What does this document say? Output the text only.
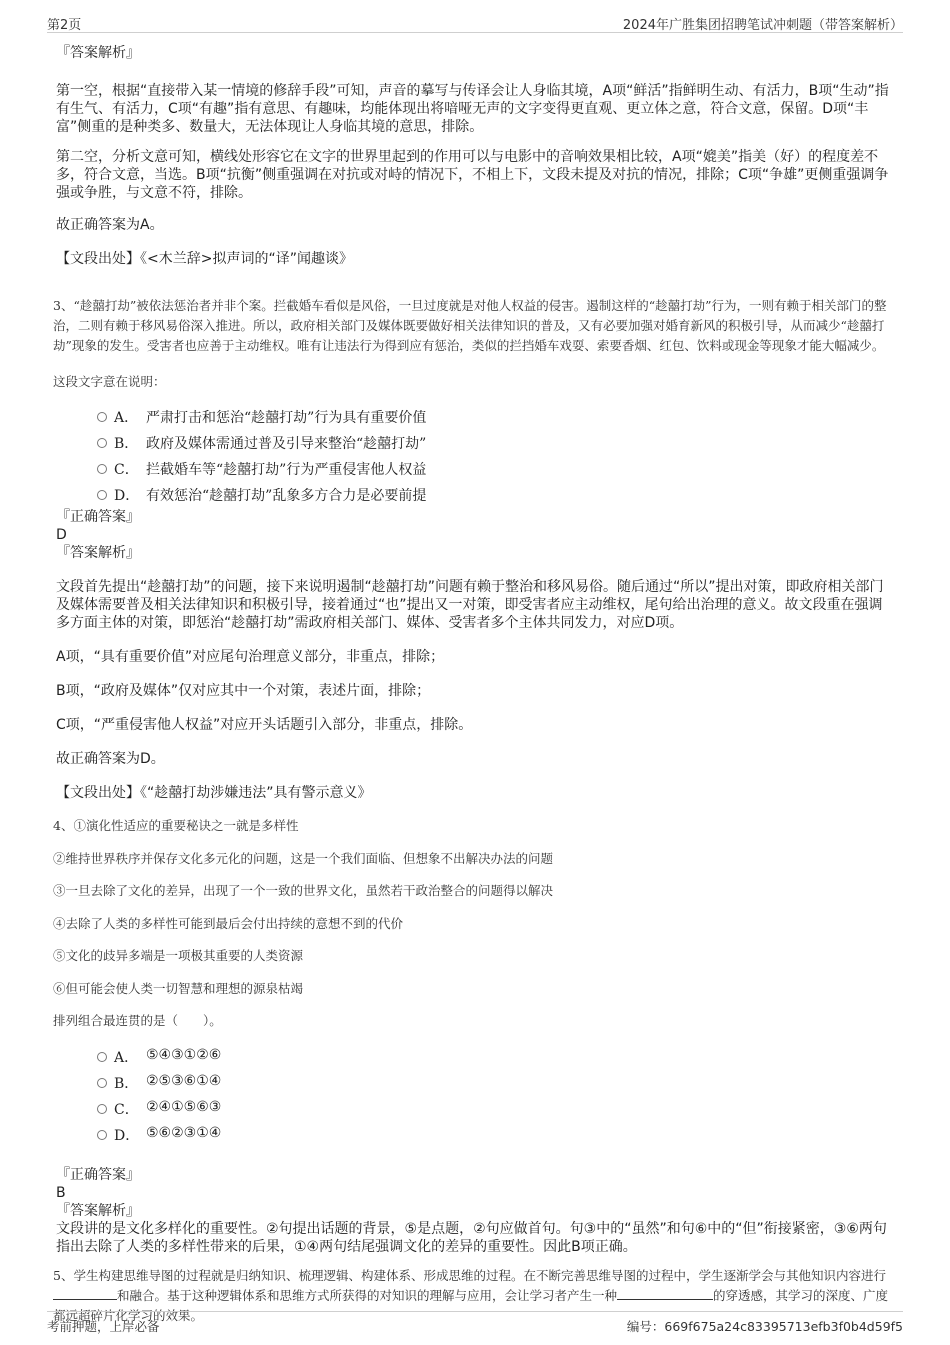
第2页	2024年广胜集团招聘笔试冲刺题（带答案解析）

『答案解析』

第一空，根据“直接带入某一情境的修辞手段”可知，声音的摹写与传译会让人身临其境，A项“鲜活”指鲜明生动、有活力，B项“生动”指有生气、有活力，C项“有趣”指有意思、有趣味，均能体现出将喑哑无声的文字变得更直观、更立体之意，符合文意，保留。D项“丰富”侧重的是种类多、数量大，无法体现让人身临其境的意思，排除。

第二空，分析文意可知，横线处形容它在文字的世界里起到的作用可以与电影中的音响效果相比较，A项“媲美”指美（好）的程度差不多，符合文意，当选。B项“抗衡”侧重强调在对抗或对峙的情况下，不相上下，文段未提及对抗的情况，排除；C项“争雄”更侧重强调争强或争胜，与文意不符，排除。

故正确答案为A。

【文段出处】《<木兰辞>拟声词的“译”闻趣谈》

3、“趁囍打劫”被依法惩治者并非个案。拦截婚车看似是风俗，一旦过度就是对他人权益的侵害。遏制这样的“趁囍打劫”行为，一则有赖于相关部门的整治，二则有赖于移风易俗深入推进。所以，政府相关部门及媒体既要做好相关法律知识的普及，又有必要加强对婚育新风的积极引导，从而减少“趁囍打劫”现象的发生。受害者也应善于主动维权。唯有让违法行为得到应有惩治，类似的拦挡婚车戏耍、索要香烟、红包、饮料或现金等现象才能大幅减少。

这段文字意在说明：

A． 严肃打击和惩治“趁囍打劫”行为具有重要价值
B． 政府及媒体需通过普及引导来整治“趁囍打劫”
C． 拦截婚车等“趁囍打劫”行为严重侵害他人权益
D． 有效惩治“趁囍打劫”乱象多方合力是必要前提

『正确答案』

D

『答案解析』

文段首先提出“趁囍打劫”的问题，接下来说明遏制“趁囍打劫”问题有赖于整治和移风易俗。随后通过“所以”提出对策，即政府相关部门及媒体需要普及相关法律知识和积极引导，接着通过“也”提出又一对策，即受害者应主动维权，尾句给出治理的意义。故文段重在强调多方面主体的对策，即惩治“趁囍打劫”需政府相关部门、媒体、受害者多个主体共同发力，对应D项。

A项，“具有重要价值”对应尾句治理意义部分，非重点，排除；

B项，“政府及媒体”仅对应其中一个对策，表述片面，排除；

C项，“严重侵害他人权益”对应开头话题引入部分，非重点，排除。

故正确答案为D。

【文段出处】《“趁囍打劫涉嫌违法”具有警示意义》

4、①演化性适应的重要秘诀之一就是多样性

②维持世界秩序并保存文化多元化的问题，这是一个我们面临、但想象不出解决办法的问题

③一旦去除了文化的差异，出现了一个一致的世界文化，虽然若干政治整合的问题得以解决

④去除了人类的多样性可能到最后会付出持续的意想不到的代价

⑤文化的歧异多端是一项极其重要的人类资源

⑥但可能会使人类一切智慧和理想的源泉枯竭

排列组合最连贯的是（　　）。

A． ⑤④③①②⑥
B． ②⑤③⑥①④
C． ②④①⑤⑥③
D． ⑤⑥②③①④

『正确答案』

B

『答案解析』

文段讲的是文化多样化的重要性。②句提出话题的背景，⑤是点题，②句应做首句。句③中的“虽然”和句⑥中的“但”衔接紧密，③⑥两句指出去除了人类的多样性带来的后果，①④两句结尾强调文化的差异的重要性。因此B项正确。

5、学生构建思维导图的过程就是归纳知识、梳理逻辑、构建体系、形成思维的过程。在不断完善思维导图的过程中，学生逐渐学会与其他知识内容进行和融合。基于这种逻辑体系和思维方式所获得的对知识的理解与应用，会让学习者产生一种	的穿透感，其学习的深度、广度都远超碎片化学习的效果。

考前押题，上岸必备	编号：669f675a24c83395713efb3f0b4d59f5
